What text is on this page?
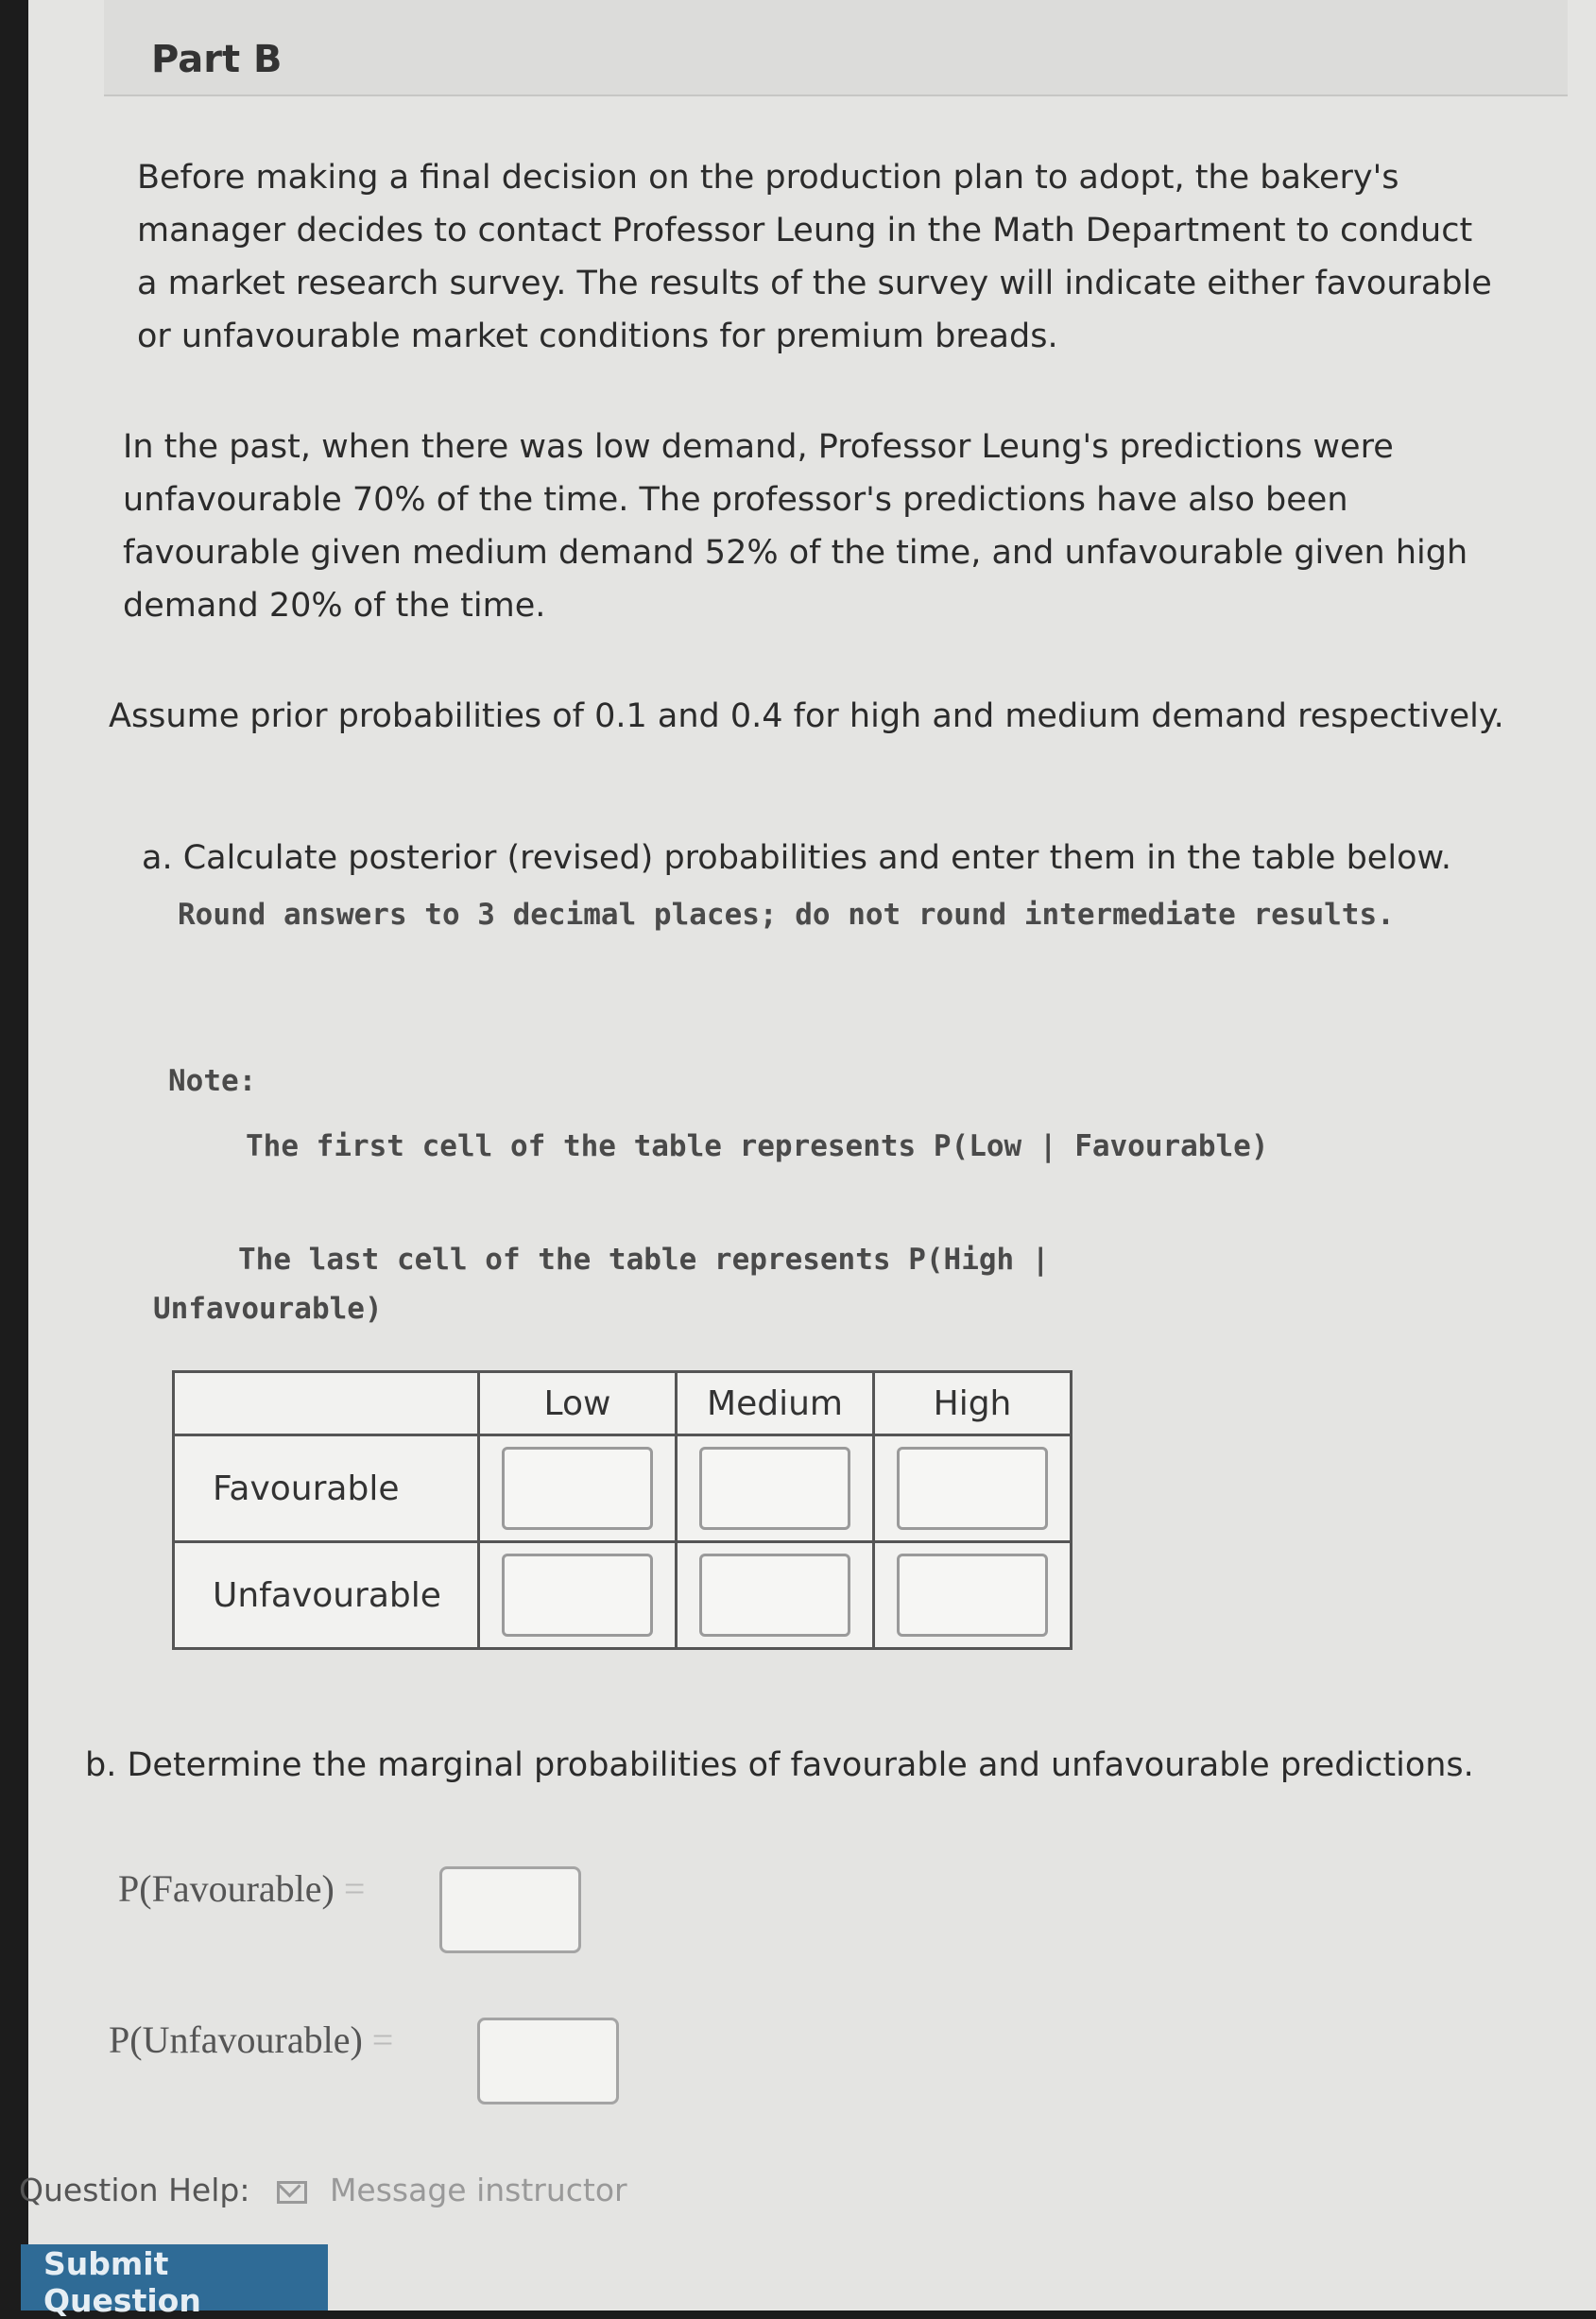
Part B
Before making a final decision on the production plan to adopt, the bakery's manager decides to contact Professor Leung in the Math Department to conduct a market research survey. The results of the survey will indicate either favourable or unfavourable market conditions for premium breads.
In the past, when there was low demand, Professor Leung's predictions were unfavourable 70% of the time. The professor's predictions have also been favourable given medium demand 52% of the time, and unfavourable given high demand 20% of the time.
Assume prior probabilities of 0.1 and 0.4 for high and medium demand respectively.
a. Calculate posterior (revised) probabilities and enter them in the table below.
Round answers to 3 decimal places; do not round intermediate results.
Note:
The first cell of the table represents P(Low | Favourable)
The last cell of the table represents P(High | Unfavourable)
	Low	Medium	High
Favourable			
Unfavourable			
b. Determine the marginal probabilities of favourable and unfavourable predictions.
P(Favourable) =
P(Unfavourable) =
Question Help:	Message instructor
Submit Question
